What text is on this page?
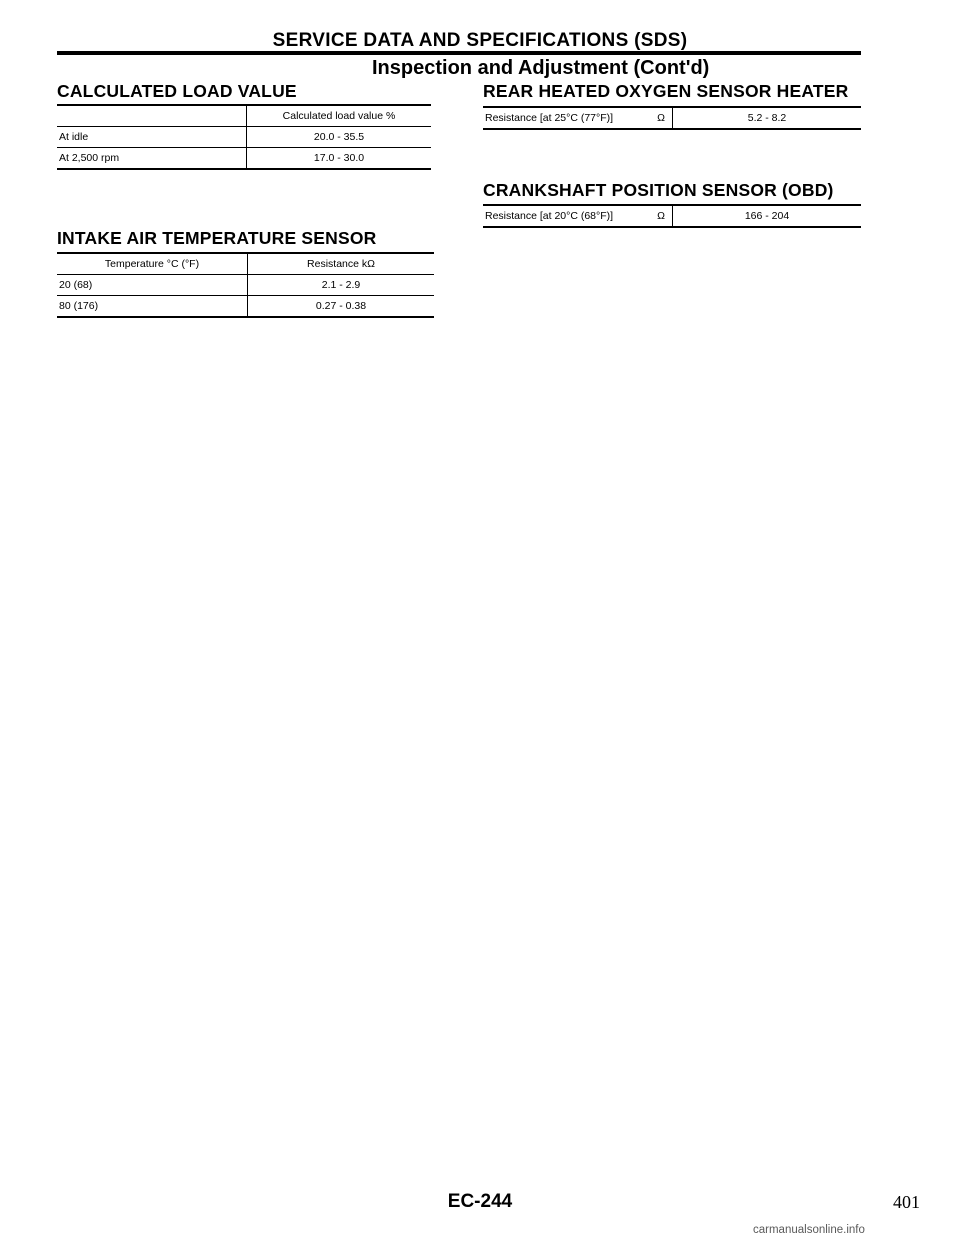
SERVICE DATA AND SPECIFICATIONS (SDS)
Inspection and Adjustment (Cont'd)
CALCULATED LOAD VALUE
	Calculated load value %
At idle	20.0 - 35.5
At 2,500 rpm	17.0 - 30.0
INTAKE AIR TEMPERATURE SENSOR
Temperature °C (°F)	Resistance kΩ
20 (68)	2.1 - 2.9
80 (176)	0.27 - 0.38
REAR HEATED OXYGEN SENSOR HEATER
Resistance [at 25°C (77°F)]	Ω	5.2 - 8.2
CRANKSHAFT POSITION SENSOR (OBD)
Resistance [at 20°C (68°F)]	Ω	166 - 204
EC-244	401
carmanualsonline.info
